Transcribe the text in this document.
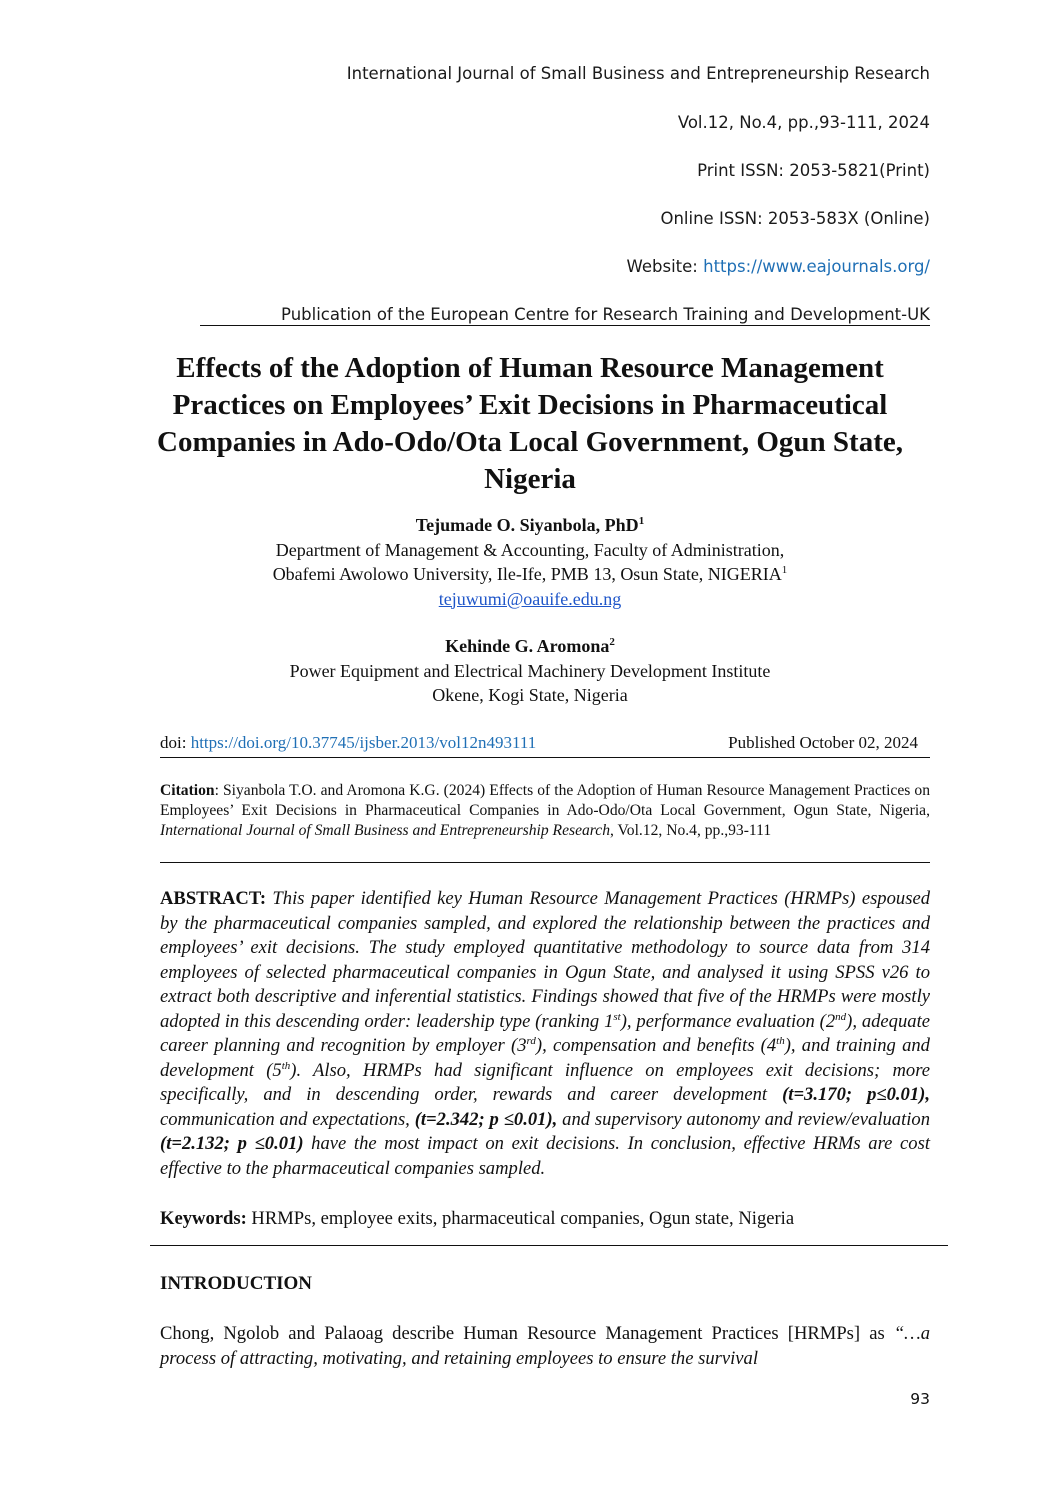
International Journal of Small Business and Entrepreneurship Research
Vol.12, No.4, pp.,93-111, 2024
Print ISSN: 2053-5821(Print)
Online ISSN: 2053-583X (Online)
Website: https://www.eajournals.org/
Publication of the European Centre for Research Training and Development-UK
Effects of the Adoption of Human Resource Management Practices on Employees’ Exit Decisions in Pharmaceutical Companies in Ado-Odo/Ota Local Government, Ogun State, Nigeria
Tejumade O. Siyanbola, PhD$^1$
Department of Management & Accounting, Faculty of Administration,
Obafemi Awolowo University, Ile-Ife, PMB 13, Osun State, NIGERIA$^1$
tejuwumi@oauife.edu.ng
Kehinde G. Aromona$^2$
Power Equipment and Electrical Machinery Development Institute
Okene, Kogi State, Nigeria
doi: https://doi.org/10.37745/ijsber.2013/vol12n493111	Published October 02, 2024
Citation: Siyanbola T.O. and Aromona K.G. (2024) Effects of the Adoption of Human Resource Management Practices on Employees’ Exit Decisions in Pharmaceutical Companies in Ado-Odo/Ota Local Government, Ogun State, Nigeria, International Journal of Small Business and Entrepreneurship Research, Vol.12, No.4, pp.,93-111
ABSTRACT: This paper identified key Human Resource Management Practices (HRMPs) espoused by the pharmaceutical companies sampled, and explored the relationship between the practices and employees’ exit decisions. The study employed quantitative methodology to source data from 314 employees of selected pharmaceutical companies in Ogun State, and analysed it using SPSS v26 to extract both descriptive and inferential statistics. Findings showed that five of the HRMPs were mostly adopted in this descending order: leadership type (ranking 1st), performance evaluation (2nd), adequate career planning and recognition by employer (3rd), compensation and benefits (4th), and training and development (5th). Also, HRMPs had significant influence on employees exit decisions; more specifically, and in descending order, rewards and career development (t=3.170; p≤0.01), communication and expectations, (t=2.342; p ≤0.01), and supervisory autonomy and review/evaluation (t=2.132; p ≤0.01) have the most impact on exit decisions. In conclusion, effective HRMs are cost effective to the pharmaceutical companies sampled.
Keywords: HRMPs, employee exits, pharmaceutical companies, Ogun state, Nigeria
INTRODUCTION
Chong, Ngolob and Palaoag describe Human Resource Management Practices [HRMPs] as “…a process of attracting, motivating, and retaining employees to ensure the survival
93
